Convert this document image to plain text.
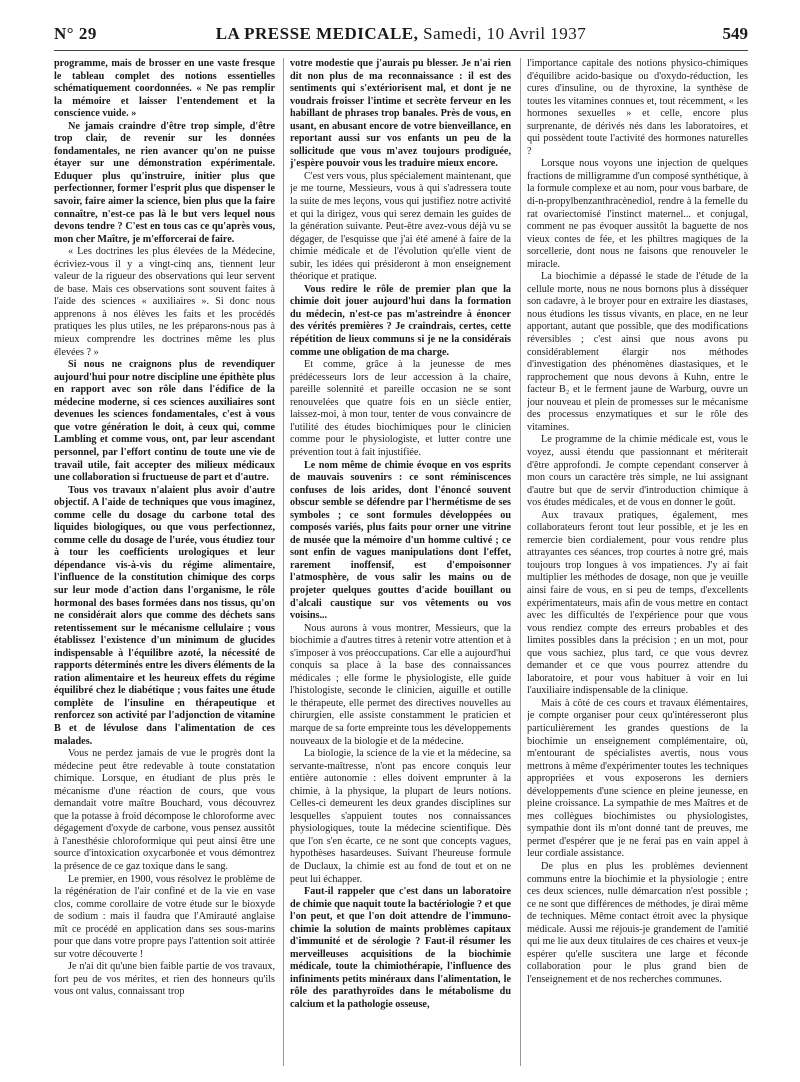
N° 29	LA PRESSE MEDICALE, Samedi, 10 Avril 1937	549

programme, mais de brosser en une vaste fresque le tableau complet des notions essentielles schématiquement coordonnées. « Ne pas remplir la mémoire et laisser l'entendement et la conscience vuide. »

Ne jamais craindre d'être trop simple, d'être trop clair, de revenir sur les données fondamentales, ne rien avancer qu'on ne puisse étayer sur une démonstration expérimentale. Eduquer plus qu'instruire, initier plus que perfectionner, former l'esprit plus que dispenser le savoir, faire aimer la science, bien plus que la faire connaître, n'est-ce pas là le but vers lequel nous devons tendre ? C'est en tous cas ce qu'après vous, mon cher Maître, je m'efforcerai de faire.

« Les doctrines les plus élevées de la Médecine, écriviez-vous il y a vingt-cinq ans, tiennent leur valeur de la rigueur des observations qui leur servent de base. Mais ces observations sont souvent faites à l'aide des sciences « auxiliaires ». Si donc nous apprenons à nos élèves les faits et les procédés pratiques les plus utiles, ne les préparons-nous pas à mieux comprendre les doctrines même les plus élevées ? »

Si nous ne craignons plus de revendiquer aujourd'hui pour notre discipline une épithète plus en rapport avec son rôle dans l'édifice de la médecine moderne, si ces sciences auxiliaires sont devenues les sciences fondamentales, c'est à vous que votre génération le doit, à ceux qui, comme Lambling et comme vous, ont, par leur ascendant personnel, par l'effort continu de toute une vie de travail utile, fait accepter des milieux médicaux une collaboration si fructueuse de part et d'autre.

Tous vos travaux n'alaient plus avoir d'autre objectif. A l'aide de techniques que vous imaginez, comme celle du dosage du carbone total des liquides biologiques, ou que vous perfectionnez, comme celle du dosage de l'urée, vous étudiez tour à tour les coefficients urologiques et leur dépendance vis-à-vis du régime alimentaire, l'influence de la constitution chimique des corps sur leur mode d'action dans l'organisme, le rôle hormonal des bases formées dans nos tissus, qu'on ne considérait alors que comme des déchets sans retentissement sur le mécanisme cellulaire ; vous établissez l'existence d'un minimum de glucides indispensable à l'équilibre azoté, la nécessité de rapports déterminés entre les divers éléments de la ration alimentaire et les heureux effets du régime équilibré chez le diabétique ; vous faites une étude complète de l'insuline en thérapeutique et renforcez son activité par l'adjonction de vitamine B et de lévulose dans l'alimentation de ces malades.

Vous ne perdez jamais de vue le progrès dont la médecine peut être redevable à toute constatation chimique. Lorsque, en étudiant de plus près le mécanisme d'une réaction de cours, que vous demandait votre maître Bouchard, vous découvrez que la potasse à froid décompose le chloroforme avec dégagement d'oxyde de carbone, vous pensez aussitôt à l'anesthésie chloroformique qui peut ainsi être une source d'intoxication oxycarbonée et vous démontrez la présence de ce gaz toxique dans le sang.

Le premier, en 1900, vous résolvez le problème de la régénération de l'air confiné et de la vie en vase clos, comme corollaire de votre étude sur le bioxyde de sodium : mais il faudra que l'Amirauté anglaise mît ce procédé en application dans ses sous-marins pour que dans votre propre pays l'attention soit attirée sur votre découverte !

Je n'ai dit qu'une bien faible partie de vos travaux, fort peu de vos mérites, et rien des honneurs qu'ils vous ont valus, connaissant trop

votre modestie que j'aurais pu blesser. Je n'ai rien dit non plus de ma reconnaissance : il est des sentiments qui s'extériorisent mal, et dont je ne voudrais froisser l'intime et secrète ferveur en les habillant de phrases trop banales. Près de vous, en usant, en abusant encore de votre bienveillance, en reportant aussi sur vos enfants un peu de la sollicitude que vous m'avez toujours prodiguée, j'espère pouvoir vous les traduire mieux encore.

C'est vers vous, plus spécialement maintenant, que je me tourne, Messieurs, vous à qui s'adressera toute la suite de mes leçons, vous qui justifiez notre activité et qui la dirigez, vous qui serez demain les guides de la génération suivante. Peut-être avez-vous déjà vu se dégager, de l'esquisse que j'ai été amené à faire de la chimie médicale et de l'évolution qu'elle vient de subir, les idées qui présideront à mon enseignement théorique et pratique.

Vous redire le rôle de premier plan que la chimie doit jouer aujourd'hui dans la formation du médecin, n'est-ce pas m'astreindre à énoncer des vérités premières ? Je craindrais, certes, cette répétition de lieux communs si je ne la considérais comme une obligation de ma charge.

Et comme, grâce à la jeunesse de mes prédécesseurs lors de leur accession à la chaire, pareille solennité et pareille occasion ne se sont renouvelées que quatre fois en un siècle entier, laissez-moi, à mon tour, tenter de vous convaincre de l'utilité des études biochimiques pour le clinicien comme pour le physiologiste, et lutter contre une prévention tout à fait injustifiée.

Le nom même de chimie évoque en vos esprits de mauvais souvenirs : ce sont réminiscences confuses de lois arides, dont l'énoncé souvent obscur semble se défendre par l'hermétisme de ses symboles ; ce sont formules développées ou composés variés, plus faits pour orner une vitrine de musée que la mémoire d'un homme cultivé ; ce sont enfin de vagues manipulations dont l'effet, rarement inoffensif, est d'empoisonner l'atmosphère, de vous salir les mains ou de projeter quelques gouttes d'acide bouillant ou d'alcali caustique sur vos vêtements ou vos voisins...

Nous aurons à vous montrer, Messieurs, que la biochimie a d'autres titres à retenir votre attention et à s'imposer à vos préoccupations. Car elle a aujourd'hui conquis sa place à la base des connaissances médicales ; elle forme le physiologiste, elle guide l'histologiste, seconde le clinicien, aiguille et outille le thérapeute, elle permet des directives nouvelles au chirurgien, elle assiste constamment le praticien et marque de sa forte empreinte tous les développements nouveaux de la biologie et de la médecine.

La biologie, la science de la vie et la médecine, sa servante-maîtresse, n'ont pas encore conquis leur entière autonomie : elles doivent emprunter à la chimie, à la physique, la plupart de leurs notions. Celles-ci demeurent les deux grandes disciplines sur lesquelles s'appuient toutes nos connaissances physiologiques, toute la médecine scientifique. Dès que l'on s'en écarte, ce ne sont que concepts vagues, hypothèses hasardeuses. Suivant l'heureuse formule de Duclaux, la chimie est au fond de tout et on ne peut lui échapper.

Faut-il rappeler que c'est dans un laboratoire de chimie que naquit toute la bactériologie ? et que l'on peut, et que l'on doit attendre de l'immuno-chimie la solution de maints problèmes capitaux d'immunité et de sérologie ? Faut-il résumer les merveilleuses acquisitions de la biochimie médicale, toute la chimiothérapie, l'influence des infiniments petits minéraux dans l'alimentation, le rôle des parathyroïdes dans le métabolisme du calcium et la pathologie osseuse,

l'importance capitale des notions physico-chimiques d'équilibre acido-basique ou d'oxydo-réduction, les cures d'insuline, ou de thyroxine, la synthèse de toutes les vitamines connues et, tout récemment, « les hormones sexuelles » et celle, encore plus surprenante, de dérivés nés dans les laboratoires, et qui possèdent toute l'activité des hormones naturelles ?

Lorsque nous voyons une injection de quelques fractions de milligramme d'un composé synthétique, à la formule complexe et au nom, pour vous barbare, de di-n-propylbenzanthracènediol, rendre à la femelle du rat ovariectomisé l'instinct maternel... et conjugal, comment ne pas évoquer aussitôt la baguette de nos vieux contes de fée, et les philtres magiques de la sorcellerie, dont nous ne faisons que renouveler le miracle.

La biochimie a dépassé le stade de l'étude de la cellule morte, nous ne nous bornons plus à disséquer son cadavre, à le broyer pour en extraire les diastases, nous étudions les tissus vivants, en place, en ne leur apportant, autant que possible, que des modifications réversibles ; c'est ainsi que nous avons pu considérablement élargir nos méthodes d'investigation des phénomènes diastasiques, et le rapprochement que nous devons à Kuhn, entre le facteur B₂ et le ferment jaune de Warburg, ouvre un jour nouveau et plein de promesses sur le mécanisme des processus enzymatiques et sur le rôle des vitamines.

Le programme de la chimie médicale est, vous le voyez, aussi étendu que passionnant et mériterait d'être approfondi. Je compte cependant conserver à mon cours un caractère très simple, ne lui assignant d'autre but que de servir d'introduction chimique à vos études médicales, et de vous en donner le goût.

Aux travaux pratiques, également, mes collaborateurs feront tout leur possible, et je les en remercie bien cordialement, pour vous rendre plus attrayantes ces séances, trop courtes à notre gré, mais toujours trop longues à vos impatiences. J'y ai fait multiplier les méthodes de dosage, non que je veuille ainsi faire de vous, en si peu de temps, d'excellents expérimentateurs, mais afin de vous mettre en contact avec les difficultés de l'expérience pour que vous vous rendiez compte des erreurs probables et des limites possibles dans la précision ; en un mot, pour que vous sachiez, plus tard, ce que vous devrez demander et ce que vous pourrez attendre du laboratoire, et pour vous habituer à voir en lui l'auxiliaire indispensable de la clinique.

Mais à côté de ces cours et travaux élémentaires, je compte organiser pour ceux qu'intéresseront plus particulièrement les grandes questions de la biochimie un enseignement complémentaire, où, m'entourant de spécialistes avertis, nous vous mettrons à même d'expérimenter toutes les techniques appropriées et vous exposerons les derniers développements d'une science en pleine jeunesse, en pleine croissance. La sympathie de mes Maîtres et de mes collègues biochimistes ou physiologistes, sympathie dont ils m'ont donné tant de preuves, me permet d'espérer que je ne ferai pas en vain appel à leur cordiale assistance.

De plus en plus les problèmes deviennent communs entre la biochimie et la physiologie ; entre ces deux sciences, nulle démarcation n'est possible ; ce ne sont que différences de méthodes, je dirai même de techniques. Même contact étroit avec la physique médicale. Aussi me réjouis-je grandement de l'amitié qui me lie aux deux titulaires de ces chaires et veux-je espérer qu'elle suscitera une large et féconde collaboration pour le plus grand bien de l'enseignement et de nos recherches communes.
